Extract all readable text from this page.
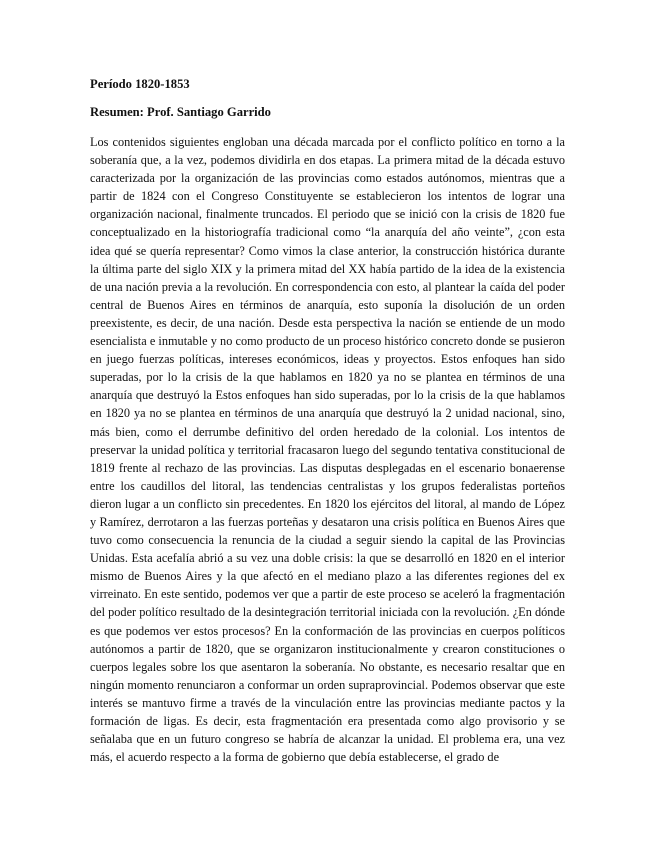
Período 1820-1853

Resumen: Prof. Santiago Garrido

Los contenidos siguientes engloban una década marcada por el conflicto político en torno a la soberanía que, a la vez, podemos dividirla en dos etapas. La primera mitad de la década estuvo caracterizada por la organización de las provincias como estados autónomos, mientras que a partir de 1824 con el Congreso Constituyente se establecieron los intentos de lograr una organización nacional, finalmente truncados. El periodo que se inició con la crisis de 1820 fue conceptualizado en la historiografía tradicional como “la anarquía del año veinte”, ¿con esta idea qué se quería representar? Como vimos la clase anterior, la construcción histórica durante la última parte del siglo XIX y la primera mitad del XX había partido de la idea de la existencia de una nación previa a la revolución. En correspondencia con esto, al plantear la caída del poder central de Buenos Aires en términos de anarquía, esto suponía la disolución de un orden preexistente, es decir, de una nación. Desde esta perspectiva la nación se entiende de un modo esencialista e inmutable y no como producto de un proceso histórico concreto donde se pusieron en juego fuerzas políticas, intereses económicos, ideas y proyectos. Estos enfoques han sido superadas, por lo la crisis de la que hablamos en 1820 ya no se plantea en términos de una anarquía que destruyó la Estos enfoques han sido superadas, por lo la crisis de la que hablamos en 1820 ya no se plantea en términos de una anarquía que destruyó la 2 unidad nacional, sino, más bien, como el derrumbe definitivo del orden heredado de la colonial. Los intentos de preservar la unidad política y territorial fracasaron luego del segundo tentativa constitucional de 1819 frente al rechazo de las provincias. Las disputas desplegadas en el escenario bonaerense entre los caudillos del litoral, las tendencias centralistas y los grupos federalistas porteños dieron lugar a un conflicto sin precedentes. En 1820 los ejércitos del litoral, al mando de López y Ramírez, derrotaron a las fuerzas porteñas y desataron una crisis política en Buenos Aires que tuvo como consecuencia la renuncia de la ciudad a seguir siendo la capital de las Provincias Unidas. Esta acefalía abrió a su vez una doble crisis: la que se desarrolló en 1820 en el interior mismo de Buenos Aires y la que afectó en el mediano plazo a las diferentes regiones del ex virreinato. En este sentido, podemos ver que a partir de este proceso se aceleró la fragmentación del poder político resultado de la desintegración territorial iniciada con la revolución. ¿En dónde es que podemos ver estos procesos? En la conformación de las provincias en cuerpos políticos autónomos a partir de 1820, que se organizaron institucionalmente y crearon constituciones o cuerpos legales sobre los que asentaron la soberanía. No obstante, es necesario resaltar que en ningún momento renunciaron a conformar un orden supraprovincial. Podemos observar que este interés se mantuvo firme a través de la vinculación entre las provincias mediante pactos y la formación de ligas. Es decir, esta fragmentación era presentada como algo provisorio y se señalaba que en un futuro congreso se habría de alcanzar la unidad. El problema era, una vez más, el acuerdo respecto a la forma de gobierno que debía establecerse, el grado de
